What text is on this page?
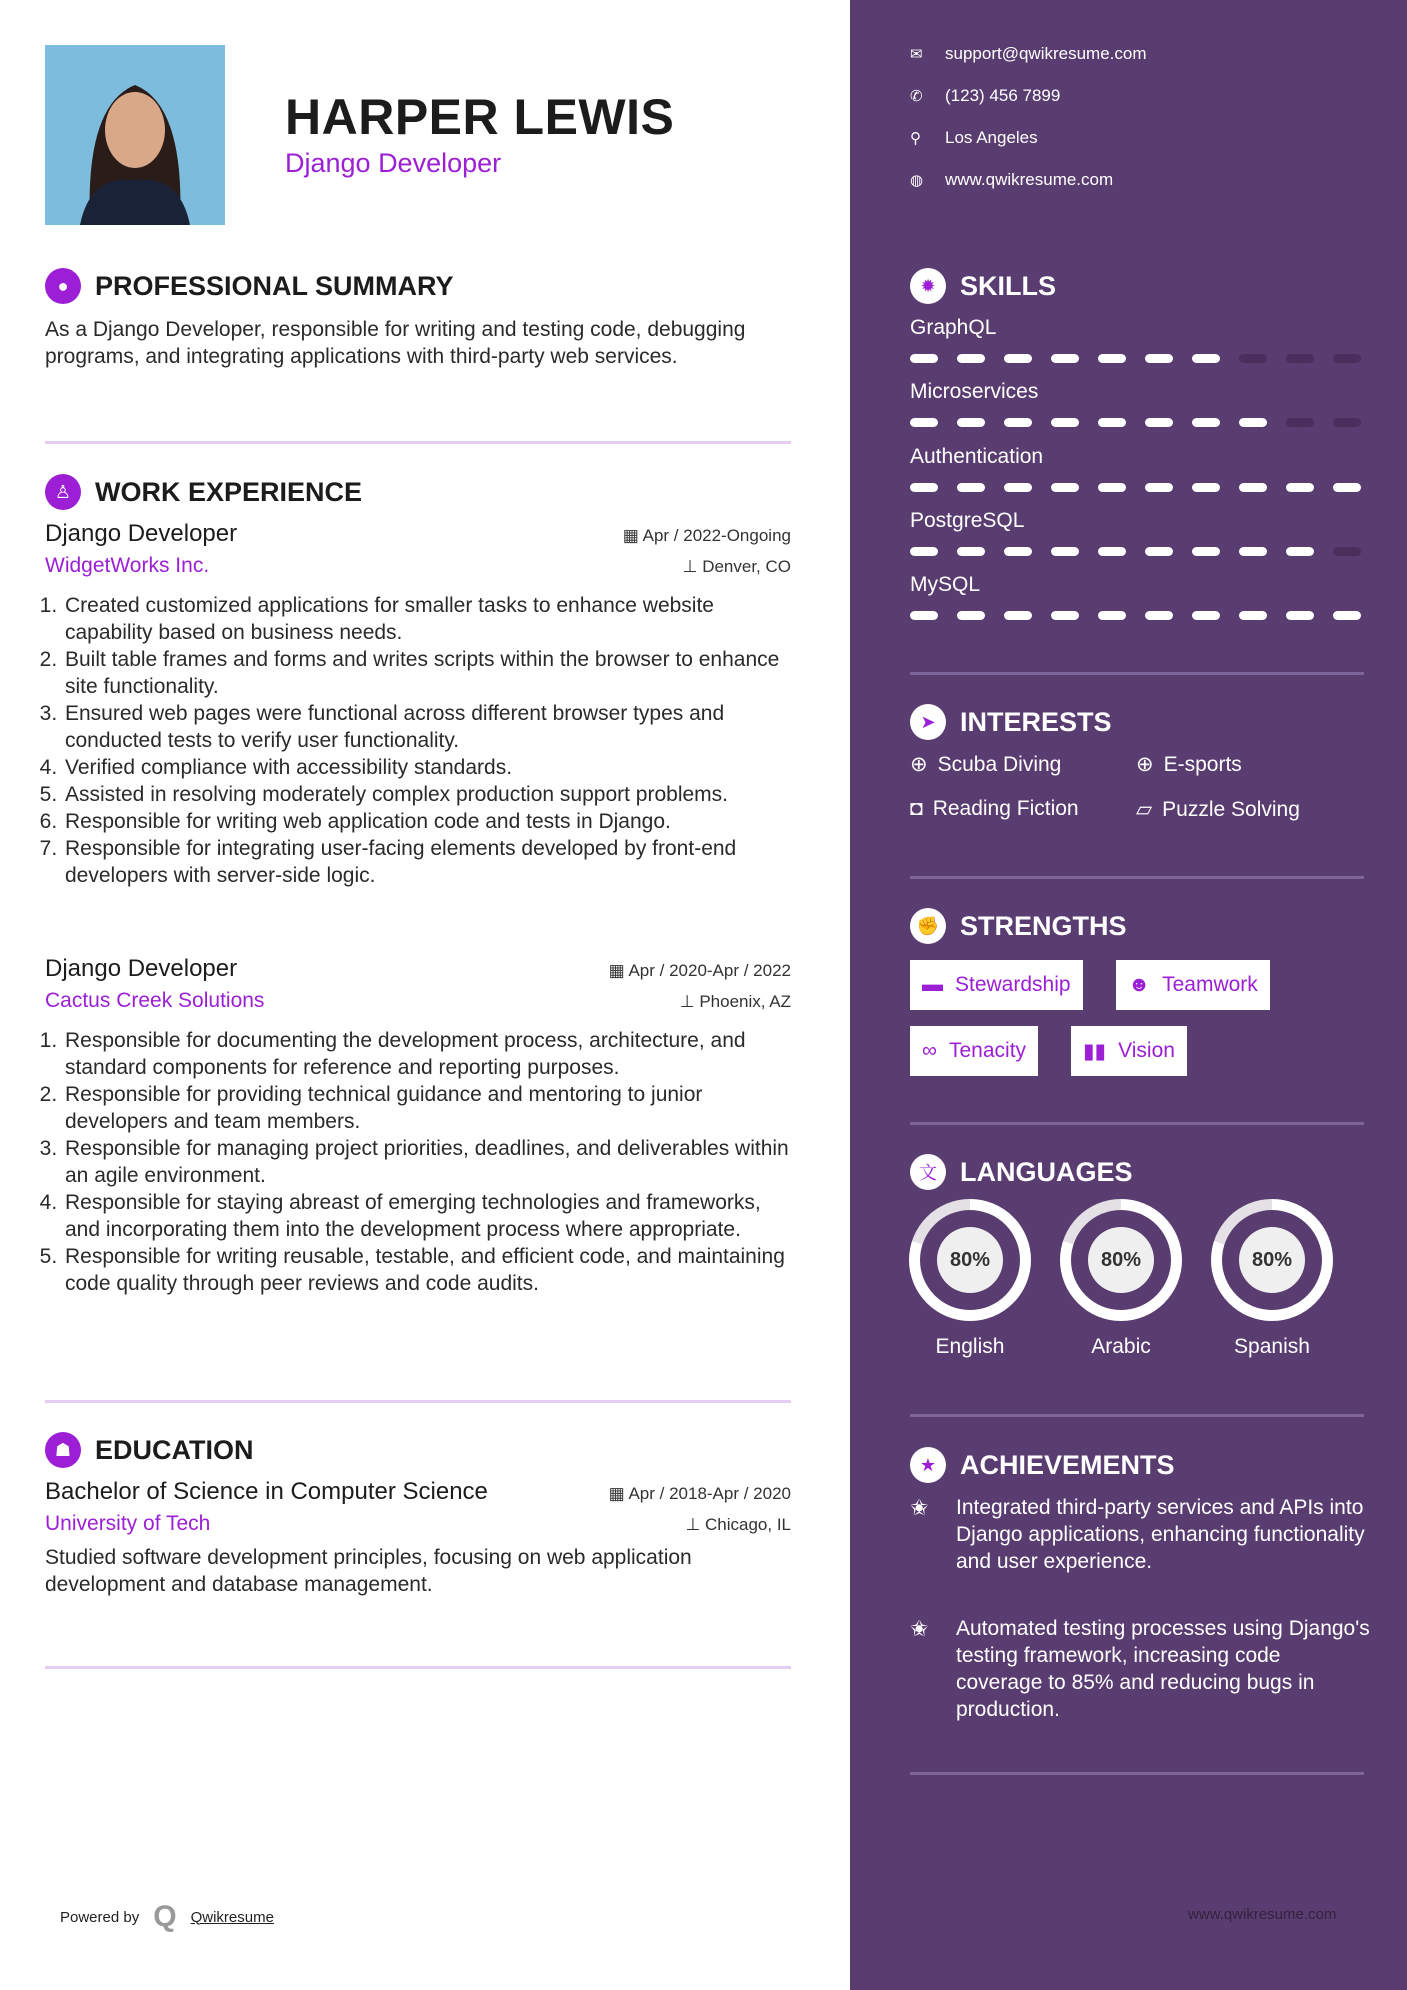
HARPER LEWIS
Django Developer
● PROFESSIONAL SUMMARY
As a Django Developer, responsible for writing and testing code, debugging programs, and integrating applications with third-party web services.
♙ WORK EXPERIENCE
☗ EDUCATION
Bachelor of Science in Computer Science	▦ Apr / 2018-Apr / 2020
University of Tech	⊥ Chicago, IL
Studied software development principles, focusing on web application development and database management.
Powered by Q Qwikresume	www.qwikresume.com
✹ SKILLS
➤ INTERESTS
✊ STRENGTHS
文 LANGUAGES
★ ACHIEVEMENTS
Django Developer	▦ Apr / 2022-Ongoing
WidgetWorks Inc.	⊥ Denver, CO
1. Created customized applications for smaller tasks to enhance website capability based on business needs.
2. Built table frames and forms and writes scripts within the browser to enhance site functionality.
3. Ensured web pages were functional across different browser types and conducted tests to verify user functionality.
4. Verified compliance with accessibility standards.
5. Assisted in resolving moderately complex production support problems.
6. Responsible for writing web application code and tests in Django.
7. Responsible for integrating user-facing elements developed by front-end developers with server-side logic.
Django Developer	▦ Apr / 2020-Apr / 2022
Cactus Creek Solutions	⊥ Phoenix, AZ
1. Responsible for documenting the development process, architecture, and standard components for reference and reporting purposes.
2. Responsible for providing technical guidance and mentoring to junior developers and team members.
3. Responsible for managing project priorities, deadlines, and deliverables within an agile environment.
4. Responsible for staying abreast of emerging technologies and frameworks, and incorporating them into the development process where appropriate.
5. Responsible for writing reusable, testable, and efficient code, and maintaining code quality through peer reviews and code audits.
✉	support@qwikresume.com
✆	(123) 456 7899
⚲	Los Angeles
◍	www.qwikresume.com
GraphQL
Microservices
Authentication
PostgreSQL
MySQL
⊕ Scuba Diving	⊕ E-sports
◘ Reading Fiction	▱ Puzzle Solving
▬ Stewardship	☻ Teamwork
∞ Tenacity	▮▮ Vision
80%
English
80%
Arabic
80%
Spanish
✬	Integrated third-party services and APIs into Django applications, enhancing functionality and user experience.
✬	Automated testing processes using Django's testing framework, increasing code coverage to 85% and reducing bugs in production.
